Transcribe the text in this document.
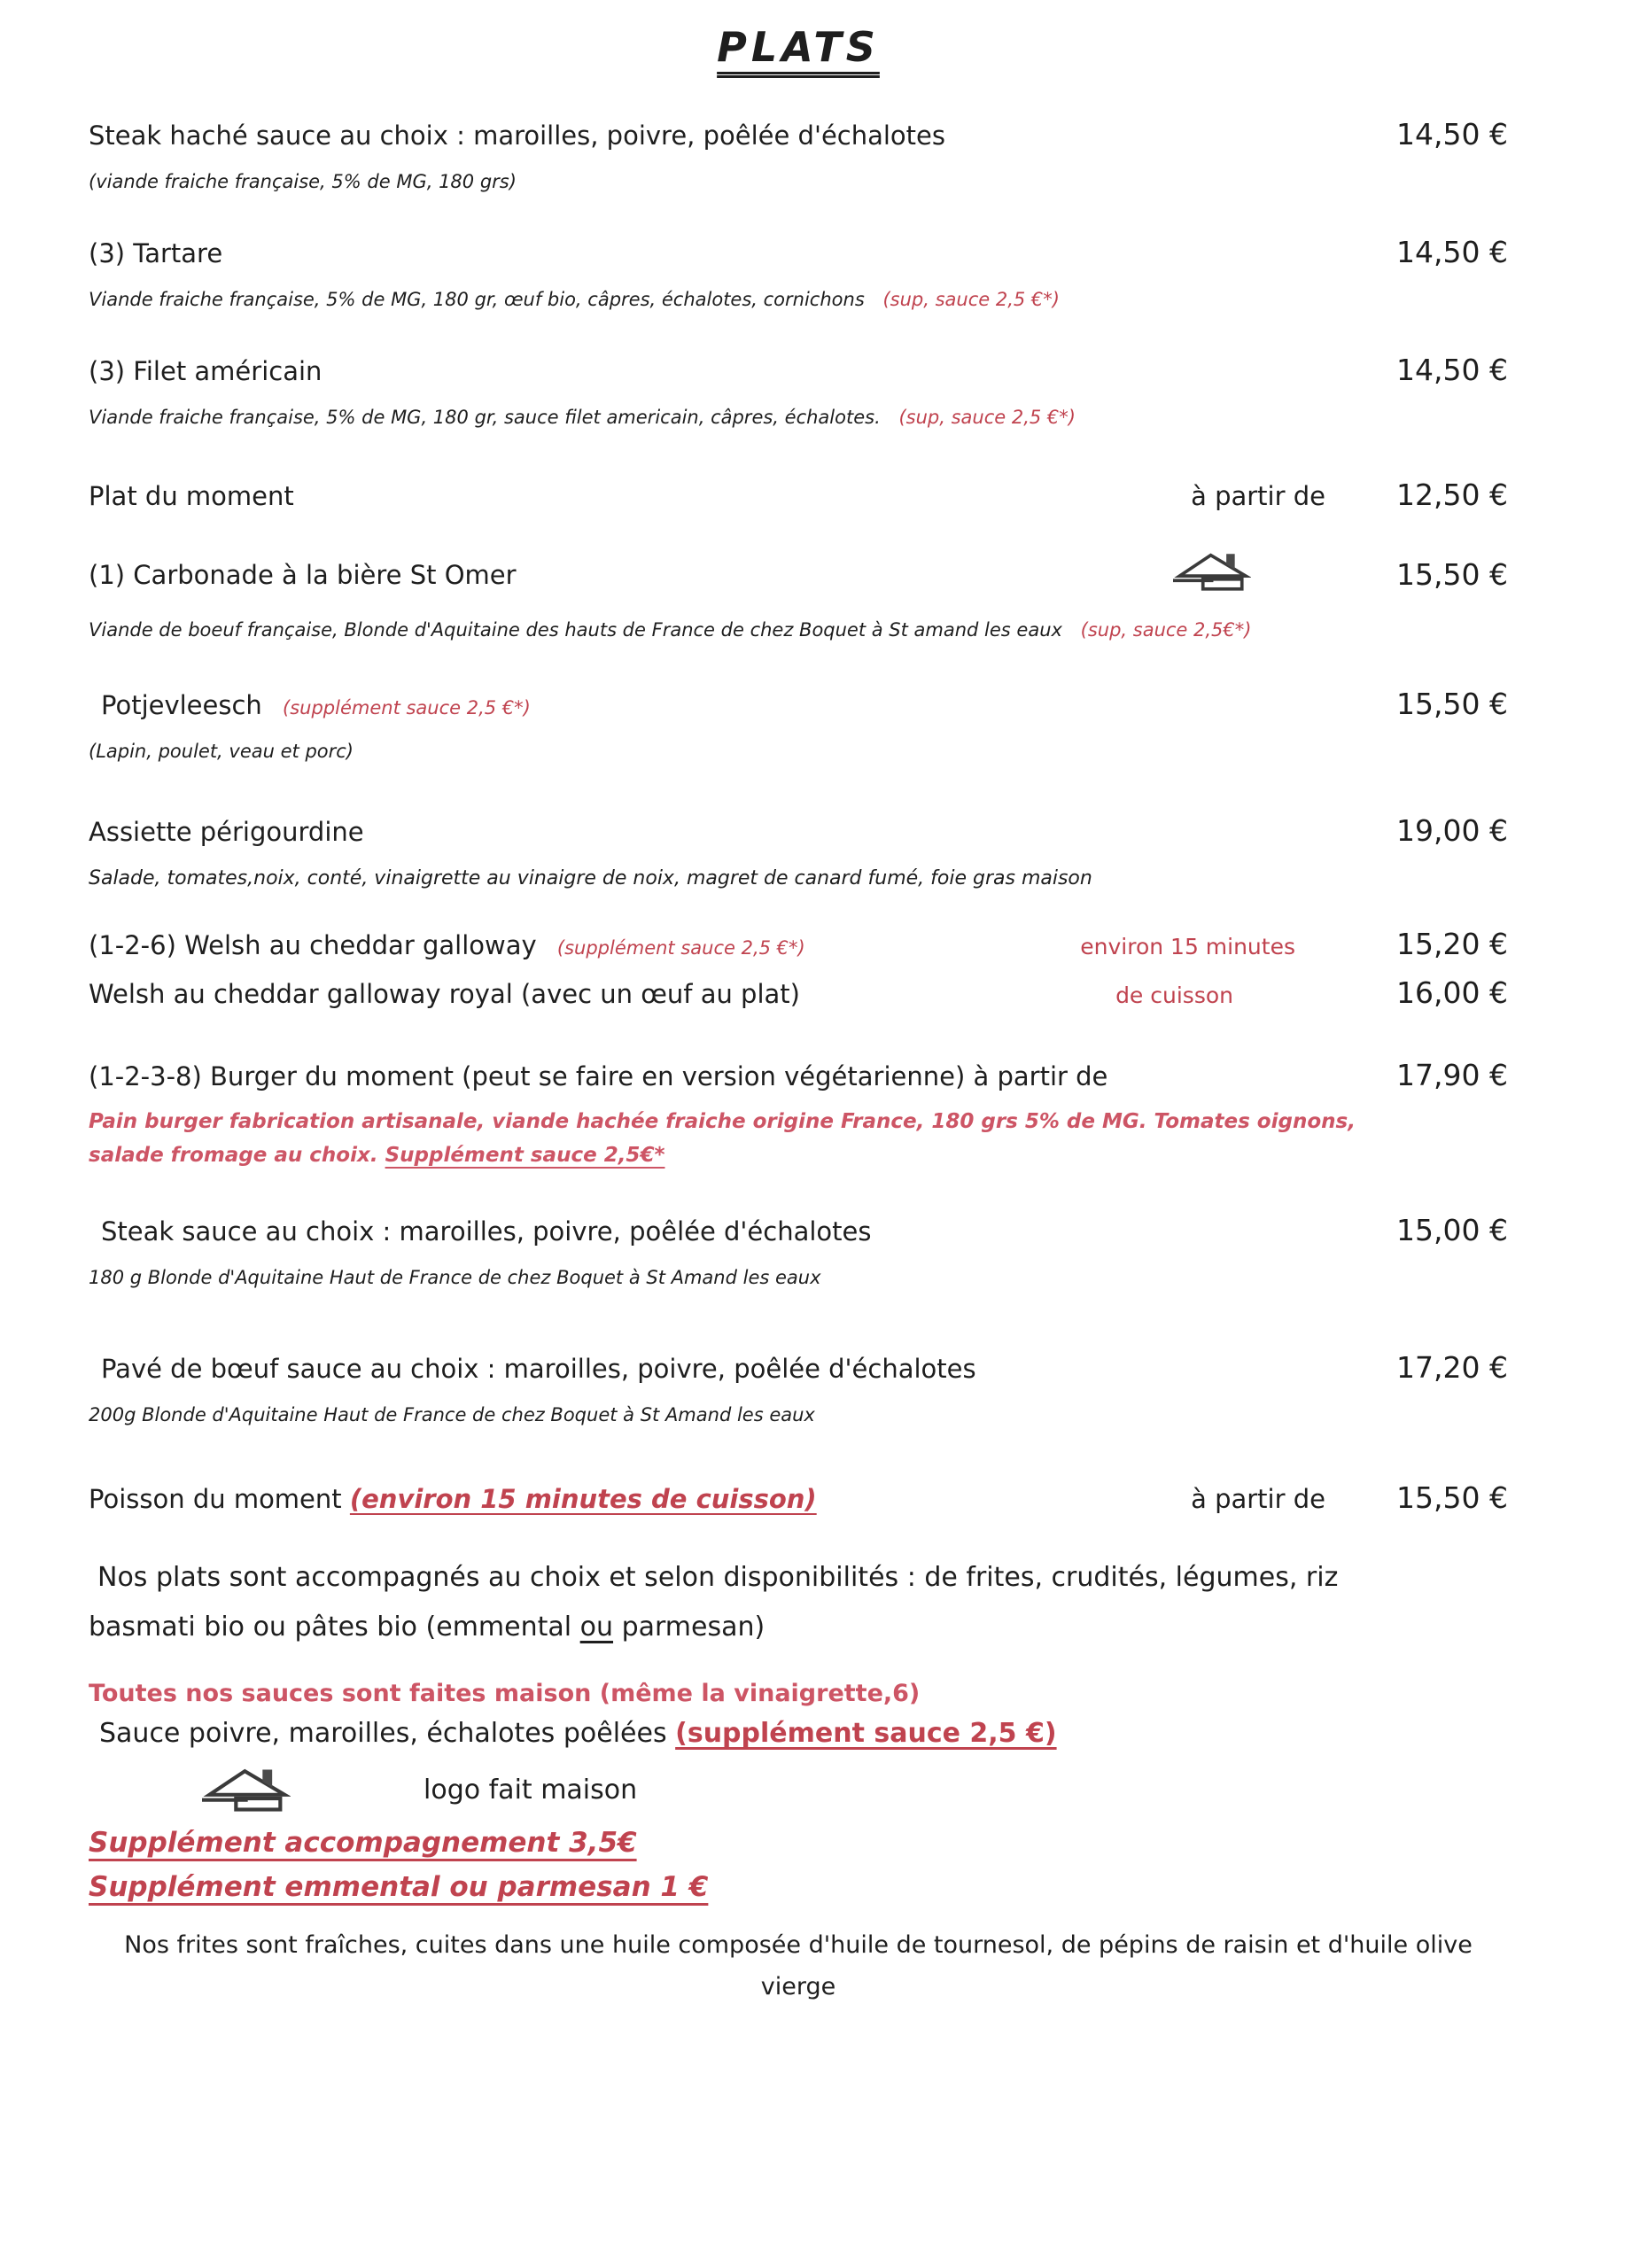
PLATS
Steak haché sauce au choix : maroilles, poivre, poêlée d'échalotes	14,50 €
(viande fraiche française, 5% de MG, 180 grs)
(3) Tartare	14,50 €
Viande fraiche française, 5% de MG, 180 gr, œuf bio, câpres, échalotes, cornichons (sup, sauce 2,5 €*)
(3) Filet américain	14,50 €
Viande fraiche française, 5% de MG, 180 gr, sauce filet americain, câpres, échalotes. (sup, sauce 2,5 €*)
Plat du moment	à partir de	12,50 €
(1) Carbonade à la bière St Omer	15,50 €
Viande de boeuf française, Blonde d'Aquitaine des hauts de France de chez Boquet à St amand les eaux (sup, sauce 2,5€*)
Potjevleesch (supplément sauce 2,5 €*)	15,50 €
(Lapin, poulet, veau et porc)
Assiette périgourdine	19,00 €
Salade, tomates,noix, conté, vinaigrette au vinaigre de noix, magret de canard fumé, foie gras maison
(1-2-6) Welsh au cheddar galloway (supplément sauce 2,5 €*)	environ 15 minutes	15,20 €
Welsh au cheddar galloway royal (avec un œuf au plat)	de cuisson	16,00 €
(1-2-3-8) Burger du moment (peut se faire en version végétarienne) à partir de	17,90 €
Pain burger fabrication artisanale, viande hachée fraiche origine France, 180 grs 5% de MG. Tomates oignons,
salade fromage au choix. Supplément sauce 2,5€*
Steak sauce au choix : maroilles, poivre, poêlée d'échalotes	15,00 €
180 g Blonde d'Aquitaine Haut de France de chez Boquet à St Amand les eaux
Pavé de bœuf sauce au choix : maroilles, poivre, poêlée d'échalotes	17,20 €
200g Blonde d'Aquitaine Haut de France de chez Boquet à St Amand les eaux
Poisson du moment (environ 15 minutes de cuisson)	à partir de	15,50 €
Nos plats sont accompagnés au choix et selon disponibilités : de frites, crudités, légumes, riz
basmati bio ou pâtes bio (emmental ou parmesan)
Toutes nos sauces sont faites maison (même la vinaigrette,6)
Sauce poivre, maroilles, échalotes poêlées (supplément sauce 2,5 €)
logo fait maison
Supplément accompagnement 3,5€
Supplément emmental ou parmesan 1 €
Nos frites sont fraîches, cuites dans une huile composée d'huile de tournesol, de pépins de raisin et d'huile olive
vierge
